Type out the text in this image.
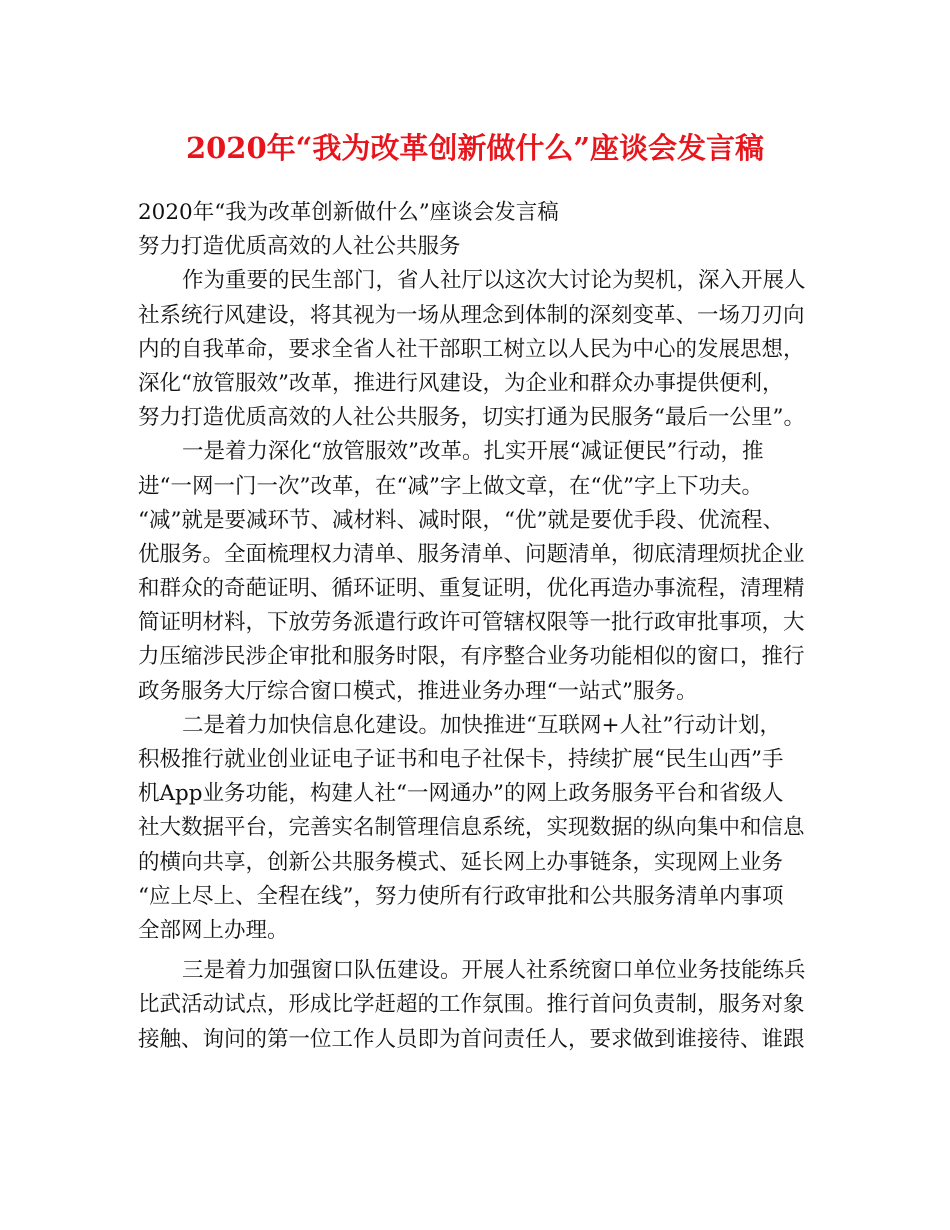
2020年“我为改革创新做什么”座谈会发言稿
2020年“我为改革创新做什么”座谈会发言稿
努力打造优质高效的人社公共服务
作为重要的民生部门，省人社厅以这次大讨论为契机，深入开展人
社系统行风建设，将其视为一场从理念到体制的深刻变革、一场刀刃向
内的自我革命，要求全省人社干部职工树立以人民为中心的发展思想，
深化“放管服效”改革，推进行风建设，为企业和群众办事提供便利，
努力打造优质高效的人社公共服务，切实打通为民服务“最后一公里”。
一是着力深化“放管服效”改革。扎实开展“减证便民”行动，推
进“一网一门一次”改革，在“减”字上做文章，在“优”字上下功夫。
“减”就是要减环节、减材料、减时限，“优”就是要优手段、优流程、
优服务。全面梳理权力清单、服务清单、问题清单，彻底清理烦扰企业
和群众的奇葩证明、循环证明、重复证明，优化再造办事流程，清理精
简证明材料，下放劳务派遣行政许可管辖权限等一批行政审批事项，大
力压缩涉民涉企审批和服务时限，有序整合业务功能相似的窗口，推行
政务服务大厅综合窗口模式，推进业务办理“一站式”服务。
二是着力加快信息化建设。加快推进“互联网+人社”行动计划，
积极推行就业创业证电子证书和电子社保卡，持续扩展“民生山西”手
机App业务功能，构建人社“一网通办”的网上政务服务平台和省级人
社大数据平台，完善实名制管理信息系统，实现数据的纵向集中和信息
的横向共享，创新公共服务模式、延长网上办事链条，实现网上业务
“应上尽上、全程在线”，努力使所有行政审批和公共服务清单内事项
全部网上办理。
三是着力加强窗口队伍建设。开展人社系统窗口单位业务技能练兵
比武活动试点，形成比学赶超的工作氛围。推行首问负责制，服务对象
接触、询问的第一位工作人员即为首问责任人，要求做到谁接待、谁跟
